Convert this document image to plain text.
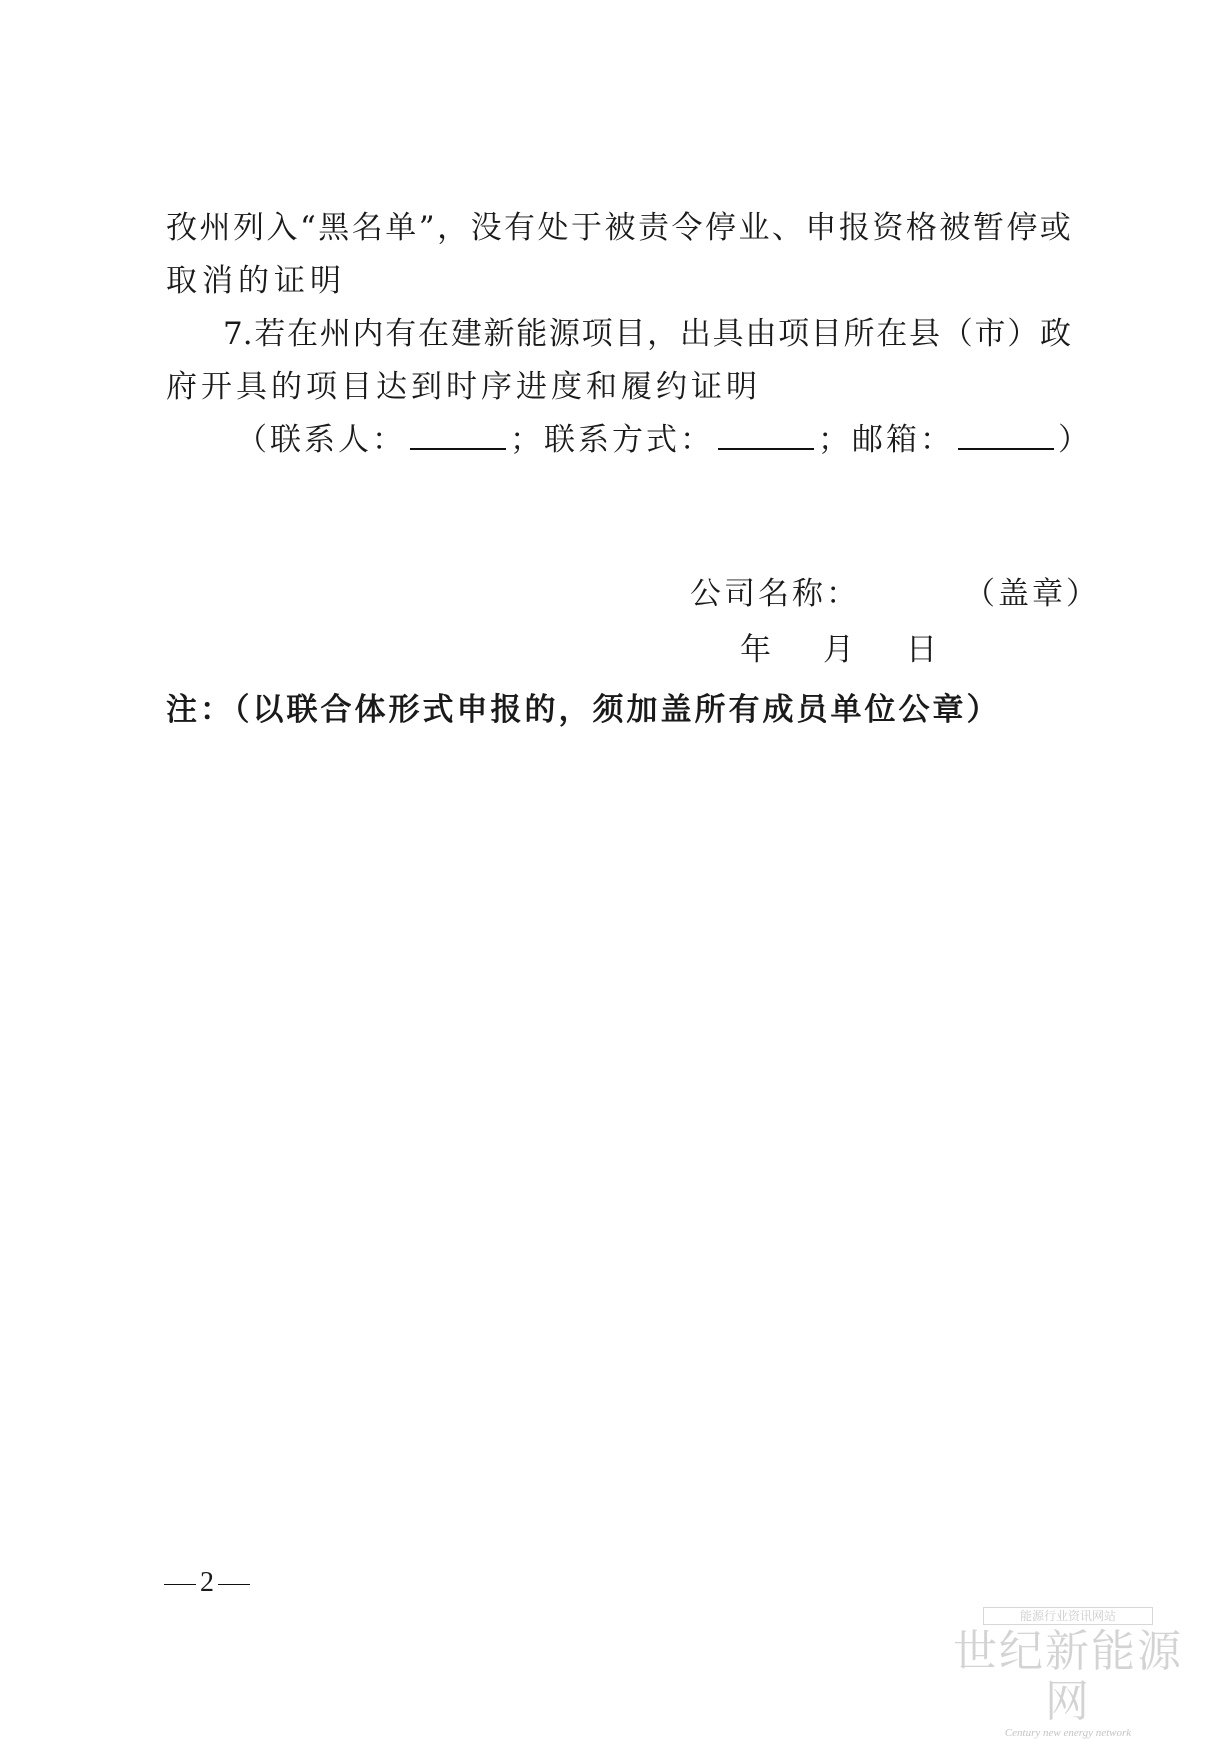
孜 州 列 入 “ 黑 名 单 ” ， 没 有 处 于 被 责 令 停 业 、 申 报 资 格 被 暂 停 或
取消的证明
7. 若 在 州 内 有 在 建 新 能 源 项 目 ， 出 具 由 项 目 所 在 县 （ 市 ） 政
府开具的项目达到时序进度和履约证明
（联系人：	；联系方式：	；邮箱：	）
公司名称：	（盖章）
年 月 日
注：（以联合体形式申报的，须加盖所有成员单位公章）
2
能源行业资讯网站
世纪新能源网
Century new energy network
